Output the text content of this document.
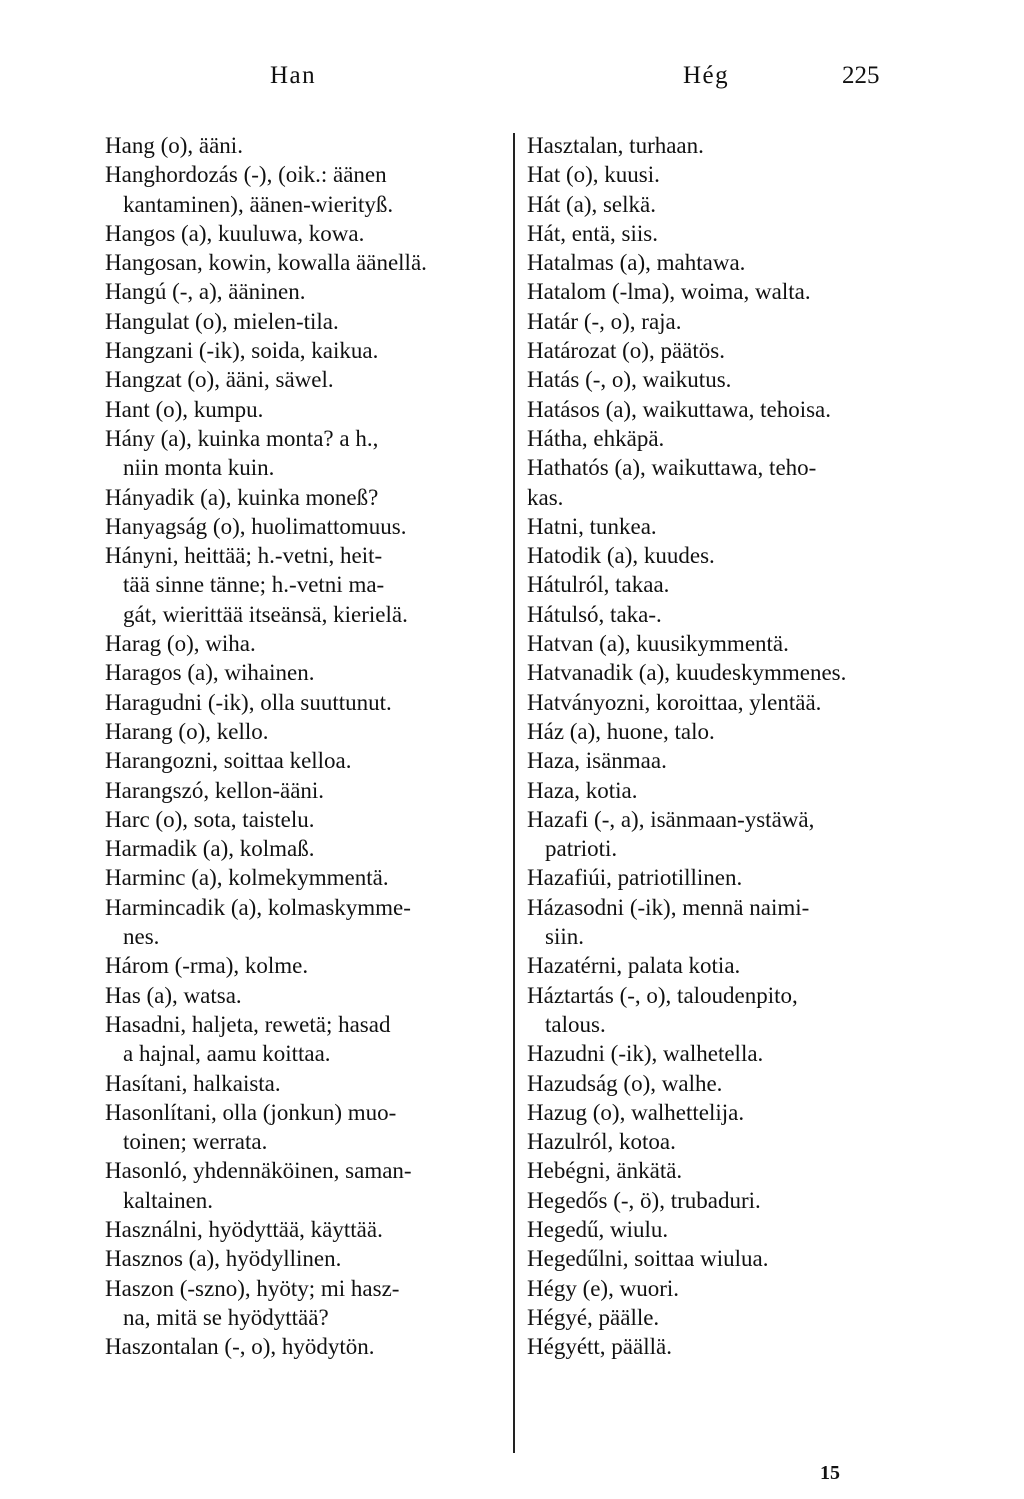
Han	Hég	225
Hang (o), ääni.
Hanghordozás (-), (oik.: äänen
kantaminen), äänen-wierityß.
Hangos (a), kuuluwa, kowa.
Hangosan, kowin, kowalla äänellä.
Hangú (-, a), ääninen.
Hangulat (o), mielen-tila.
Hangzani (-ik), soida, kaikua.
Hangzat (o), ääni, säwel.
Hant (o), kumpu.
Hány (a), kuinka monta? a h.,
niin monta kuin.
Hányadik (a), kuinka moneß?
Hanyagság (o), huolimattomuus.
Hányni, heittää; h.-vetni, heit-
tää sinne tänne; h.-vetni ma-
gát, wierittää itseänsä, kierielä.
Harag (o), wiha.
Haragos (a), wihainen.
Haragudni (-ik), olla suuttunut.
Harang (o), kello.
Harangozni, soittaa kelloa.
Harangszó, kellon-ääni.
Harc (o), sota, taistelu.
Harmadik (a), kolmaß.
Harminc (a), kolmekymmentä.
Harmincadik (a), kolmaskymme-
nes.
Három (-rma), kolme.
Has (a), watsa.
Hasadni, haljeta, rewetä; hasad
a hajnal, aamu koittaa.
Hasítani, halkaista.
Hasonlítani, olla (jonkun) muo-
toinen; werrata.
Hasonló, yhdennäköinen, saman-
kaltainen.
Használni, hyödyttää, käyttää.
Hasznos (a), hyödyllinen.
Haszon (-szno), hyöty; mi hasz-
na, mitä se hyödyttää?
Haszontalan (-, o), hyödytön.
Hasztalan, turhaan.
Hat (o), kuusi.
Hát (a), selkä.
Hát, entä, siis.
Hatalmas (a), mahtawa.
Hatalom (-lma), woima, walta.
Határ (-, o), raja.
Határozat (o), päätös.
Hatás (-, o), waikutus.
Hatásos (a), waikuttawa, tehoisa.
Hátha, ehkäpä.
Hathatós (a), waikuttawa, teho-
kas.
Hatni, tunkea.
Hatodik (a), kuudes.
Hátulról, takaa.
Hátulsó, taka-.
Hatvan (a), kuusikymmentä.
Hatvanadik (a), kuudeskymmenes.
Hatványozni, koroittaa, ylentää.
Ház (a), huone, talo.
Haza, isänmaa.
Haza, kotia.
Hazafi (-, a), isänmaan-ystäwä,
patrioti.
Hazafiúi, patriotillinen.
Házasodni (-ik), mennä naimi-
siin.
Hazatérni, palata kotia.
Háztartás (-, o), taloudenpito,
talous.
Hazudni (-ik), walhetella.
Hazudság (o), walhe.
Hazug (o), walhettelija.
Hazulról, kotoa.
Hebégni, änkätä.
Hegedős (-, ö), trubaduri.
Hegedű, wiulu.
Hegedűlni, soittaa wiulua.
Hégy (e), wuori.
Hégyé, päälle.
Hégyétt, päällä.
15
